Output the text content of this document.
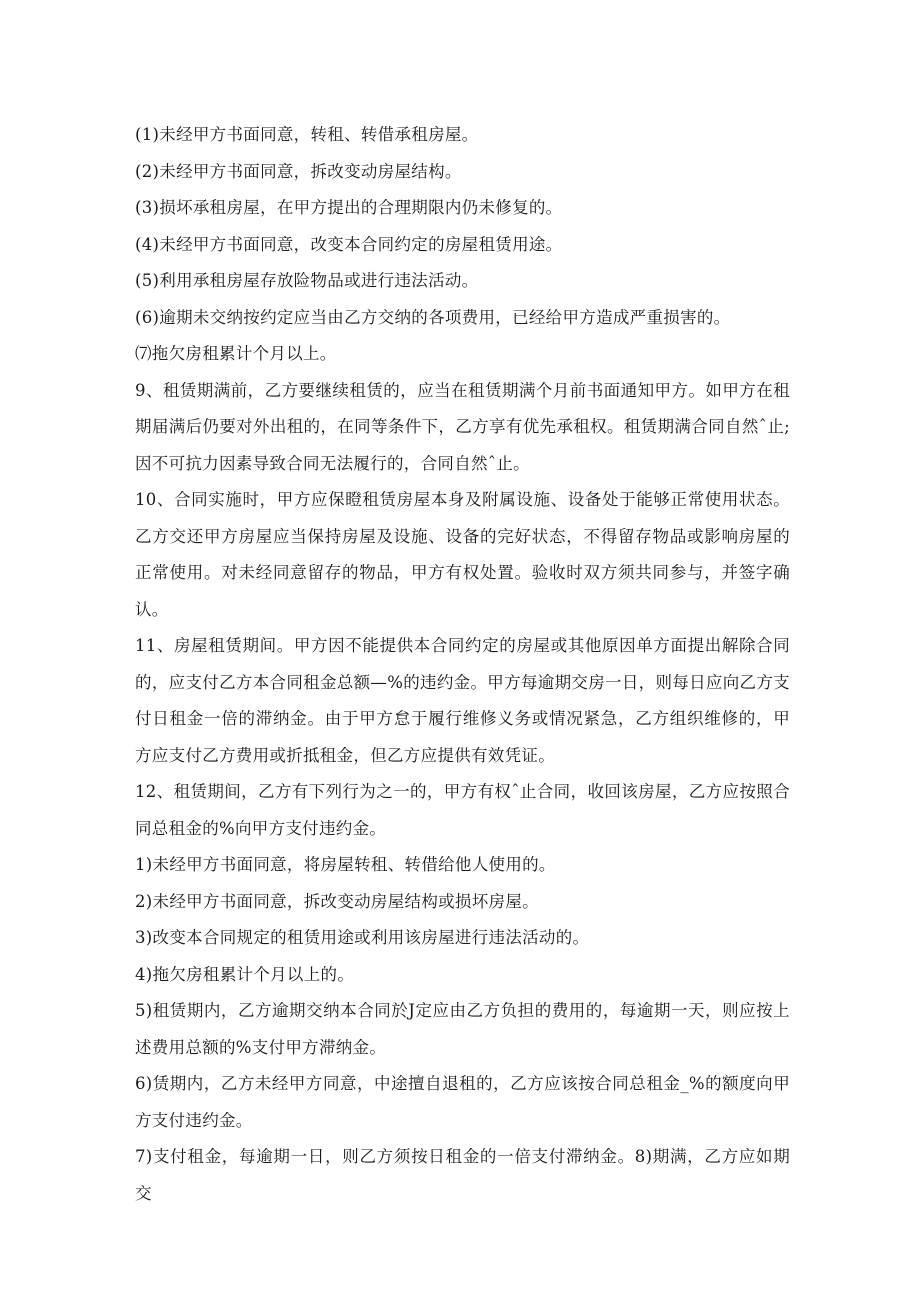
(1)未经甲方书面同意，转租、转借承租房屋。

(2)未经甲方书面同意，拆改变动房屋结构。

(3)损坏承租房屋，在甲方提出的合理期限内仍未修复的。

(4)未经甲方书面同意，改变本合同约定的房屋租赁用途。

(5)利用承租房屋存放险物品或进行违法活动。

(6)逾期未交纳按约定应当由乙方交纳的各项费用，已经给甲方造成严重损害的。

⑺拖欠房租累计个月以上。

9、租赁期满前，乙方要继续租赁的，应当在租赁期满个月前书面通知甲方。如甲方在租期届满后仍要对外出租的，在同等条件下，乙方享有优先承租权。租赁期满合同自然ˆ止;因不可抗力因素导致合同无法履行的，合同自然ˆ止。

10、合同实施时，甲方应保瞪租赁房屋本身及附属设施、设备处于能够正常使用状态。乙方交还甲方房屋应当保持房屋及设施、设备的完好状态，不得留存物品或影响房屋的正常使用。对未经同意留存的物品，甲方有权处置。验收时双方须共同参与，并签字确认。

11、房屋租赁期间。甲方因不能提供本合同约定的房屋或其他原因单方面提出解除合同的，应支付乙方本合同租金总额—%的违约金。甲方每逾期交房一日，则每日应向乙方支付日租金一倍的滞纳金。由于甲方怠于履行维修义务或情况紧急，乙方组织维修的，甲方应支付乙方费用或折抵租金，但乙方应提供有效凭证。

12、租赁期间，乙方有下列行为之一的，甲方有权ˆ止合同，收回该房屋，乙方应按照合同总租金的%向甲方支付违约金。

1)未经甲方书面同意，将房屋转租、转借给他人使用的。

2)未经甲方书面同意，拆改变动房屋结构或损坏房屋。

3)改变本合同规定的租赁用途或利用该房屋进行违法活动的。

4)拖欠房租累计个月以上的。

5)租赁期内，乙方逾期交纳本合同於J定应由乙方负担的费用的，每逾期一天，则应按上述费用总额的%支付甲方滞纳金。

6)赁期内，乙方未经甲方同意，中途擅自退租的，乙方应该按合同总租金_%的额度向甲方支付违约金。

7)支付租金，每逾期一日，则乙方须按日租金的一倍支付滞纳金。8)期满，乙方应如期交
